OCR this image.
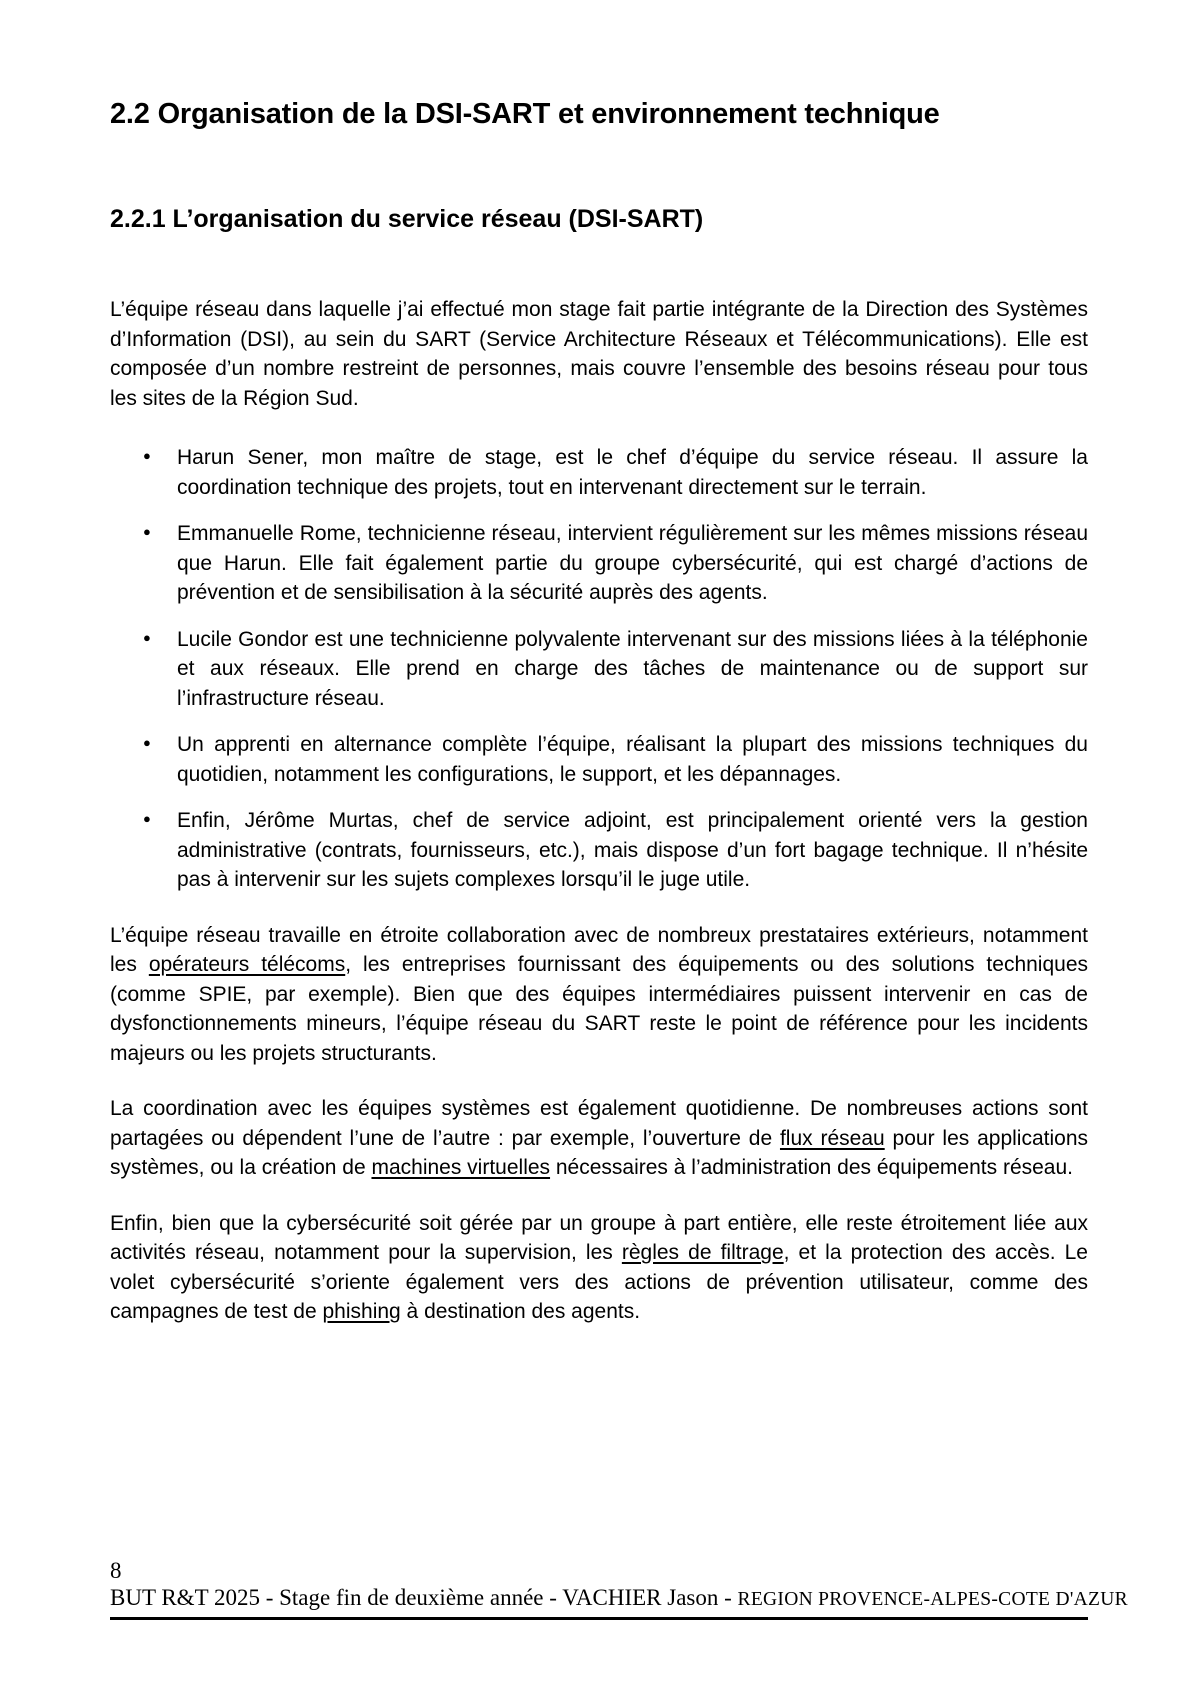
2.2 Organisation de la DSI-SART et environnement technique
2.2.1 L’organisation du service réseau (DSI-SART)

L’équipe réseau dans laquelle j’ai effectué mon stage fait partie intégrante de la Direction des Systèmes d’Information (DSI), au sein du SART (Service Architecture Réseaux et Télécommunications). Elle est composée d’un nombre restreint de personnes, mais couvre l’ensemble des besoins réseau pour tous les sites de la Région Sud.

● Harun Sener, mon maître de stage, est le chef d’équipe du service réseau. Il assure la coordination technique des projets, tout en intervenant directement sur le terrain.
● Emmanuelle Rome, technicienne réseau, intervient régulièrement sur les mêmes missions réseau que Harun. Elle fait également partie du groupe cybersécurité, qui est chargé d’actions de prévention et de sensibilisation à la sécurité auprès des agents.
● Lucile Gondor est une technicienne polyvalente intervenant sur des missions liées à la téléphonie et aux réseaux. Elle prend en charge des tâches de maintenance ou de support sur l’infrastructure réseau.
● Un apprenti en alternance complète l’équipe, réalisant la plupart des missions techniques du quotidien, notamment les configurations, le support, et les dépannages.
● Enfin, Jérôme Murtas, chef de service adjoint, est principalement orienté vers la gestion administrative (contrats, fournisseurs, etc.), mais dispose d’un fort bagage technique. Il n’hésite pas à intervenir sur les sujets complexes lorsqu’il le juge utile.

L’équipe réseau travaille en étroite collaboration avec de nombreux prestataires extérieurs, notamment les opérateurs télécoms, les entreprises fournissant des équipements ou des solutions techniques (comme SPIE, par exemple). Bien que des équipes intermédiaires puissent intervenir en cas de dysfonctionnements mineurs, l’équipe réseau du SART reste le point de référence pour les incidents majeurs ou les projets structurants.

La coordination avec les équipes systèmes est également quotidienne. De nombreuses actions sont partagées ou dépendent l’une de l’autre : par exemple, l’ouverture de flux réseau pour les applications systèmes, ou la création de machines virtuelles nécessaires à l’administration des équipements réseau.

Enfin, bien que la cybersécurité soit gérée par un groupe à part entière, elle reste étroitement liée aux activités réseau, notamment pour la supervision, les règles de filtrage, et la protection des accès. Le volet cybersécurité s’oriente également vers des actions de prévention utilisateur, comme des campagnes de test de phishing à destination des agents.

8
BUT R&T 2025 - Stage fin de deuxième année - VACHIER Jason - REGION PROVENCE-ALPES-COTE D'AZUR
